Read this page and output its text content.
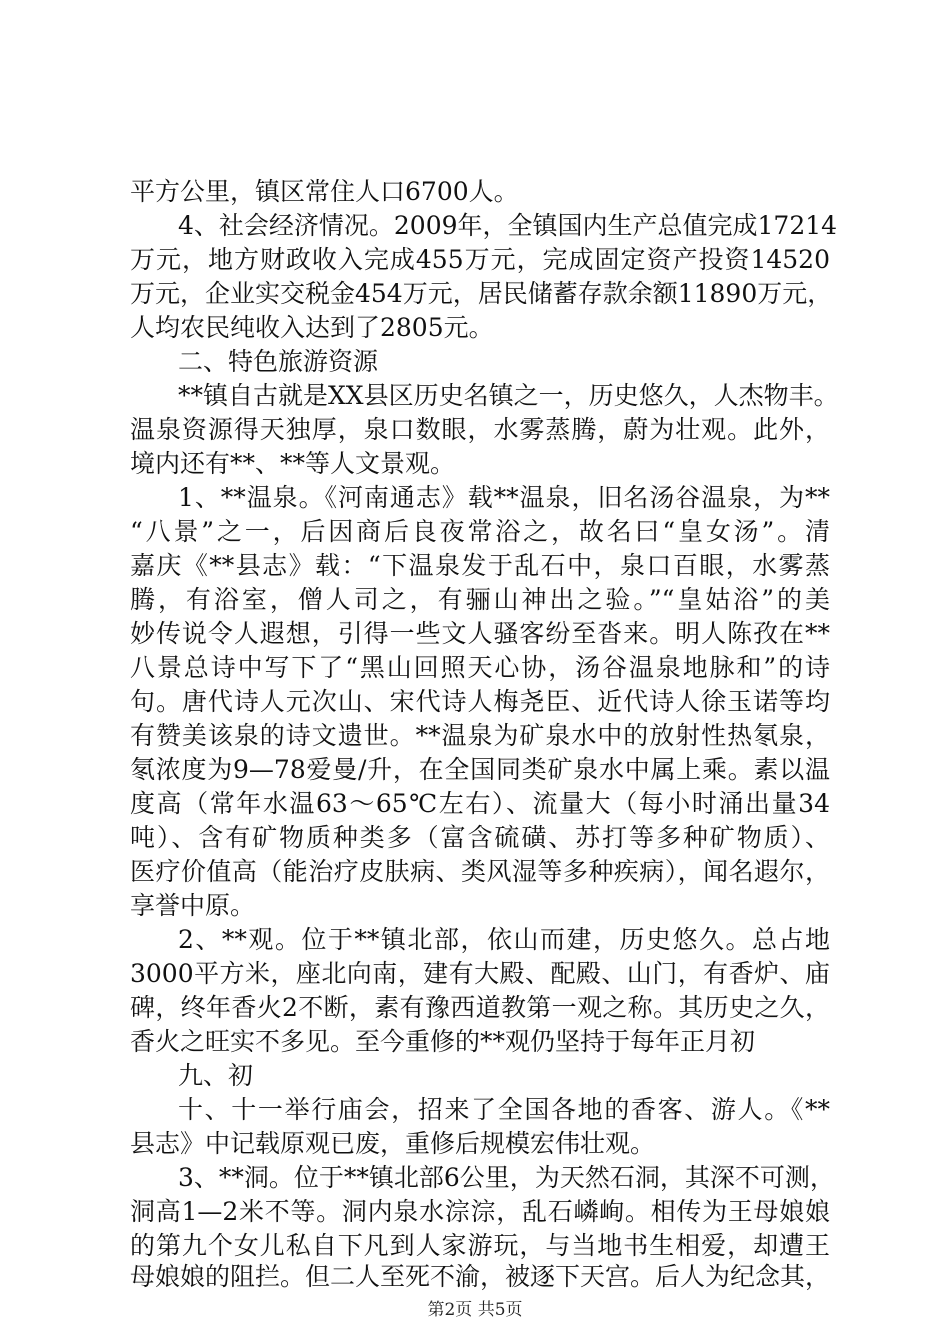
平方公里，镇区常住人口6700人。
4、社会经济情况。2009年，全镇国内生产总值完成17214
万元，地方财政收入完成455万元，完成固定资产投资14520
万元，企业实交税金454万元，居民储蓄存款余额11890万元，
人均农民纯收入达到了2805元。
二、特色旅游资源
**镇自古就是XX县区历史名镇之一，历史悠久，人杰物丰。
温泉资源得天独厚，泉口数眼，水雾蒸腾，蔚为壮观。此外，
境内还有**、**等人文景观。
1、**温泉。《河南通志》载**温泉，旧名汤谷温泉，为**
“八景”之一，后因商后良夜常浴之，故名曰“皇女汤”。清
嘉庆《**县志》载：“下温泉发于乱石中，泉口百眼，水雾蒸
腾，有浴室，僧人司之，有骊山神出之验。”“皇姑浴”的美
妙传说令人遐想，引得一些文人骚客纷至沓来。明人陈孜在**
八景总诗中写下了“黑山回照天心协，汤谷温泉地脉和”的诗
句。唐代诗人元次山、宋代诗人梅尧臣、近代诗人徐玉诺等均
有赞美该泉的诗文遗世。**温泉为矿泉水中的放射性热氡泉，
氡浓度为9—78爱曼/升，在全国同类矿泉水中属上乘。素以温
度高（常年水温63～65℃左右）、流量大（每小时涌出量34
吨）、含有矿物质种类多（富含硫磺、苏打等多种矿物质）、
医疗价值高（能治疗皮肤病、类风湿等多种疾病），闻名遐尔，
享誉中原。
2、**观。位于**镇北部，依山而建，历史悠久。总占地
3000平方米，座北向南，建有大殿、配殿、山门，有香炉、庙
碑，终年香火2不断，素有豫西道教第一观之称。其历史之久，
香火之旺实不多见。至今重修的**观仍坚持于每年正月初
九、初
十、十一举行庙会，招来了全国各地的香客、游人。《**
县志》中记载原观已废，重修后规模宏伟壮观。
3、**洞。位于**镇北部6公里，为天然石洞，其深不可测，
洞高1—2米不等。洞内泉水淙淙，乱石嶙峋。相传为王母娘娘
的第九个女儿私自下凡到人家游玩，与当地书生相爱，却遭王
母娘娘的阻拦。但二人至死不渝，被逐下天宫。后人为纪念其，
第2页 共5页
